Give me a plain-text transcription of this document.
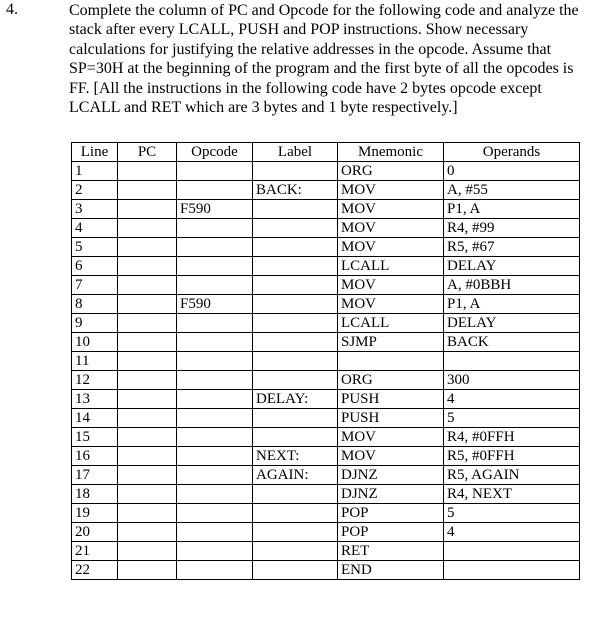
4.	Complete the column of PC and Opcode for the following code and analyze the
stack after every LCALL, PUSH and POP instructions. Show necessary
calculations for justifying the relative addresses in the opcode. Assume that
SP=30H at the beginning of the program and the first byte of all the opcodes is
FF. [All the instructions in the following code have 2 bytes opcode except
LCALL and RET which are 3 bytes and 1 byte respectively.]
Line	PC	Opcode	Label	Mnemonic	Operands
1				ORG	0
2			BACK:	MOV	A, #55
3		F590		MOV	P1, A
4				MOV	R4, #99
5				MOV	R5, #67
6				LCALL	DELAY
7				MOV	A, #0BBH
8		F590		MOV	P1, A
9				LCALL	DELAY
10				SJMP	BACK
11					
12				ORG	300
13			DELAY:	PUSH	4
14				PUSH	5
15				MOV	R4, #0FFH
16			NEXT:	MOV	R5, #0FFH
17			AGAIN:	DJNZ	R5, AGAIN
18				DJNZ	R4, NEXT
19				POP	5
20				POP	4
21				RET	
22				END	
